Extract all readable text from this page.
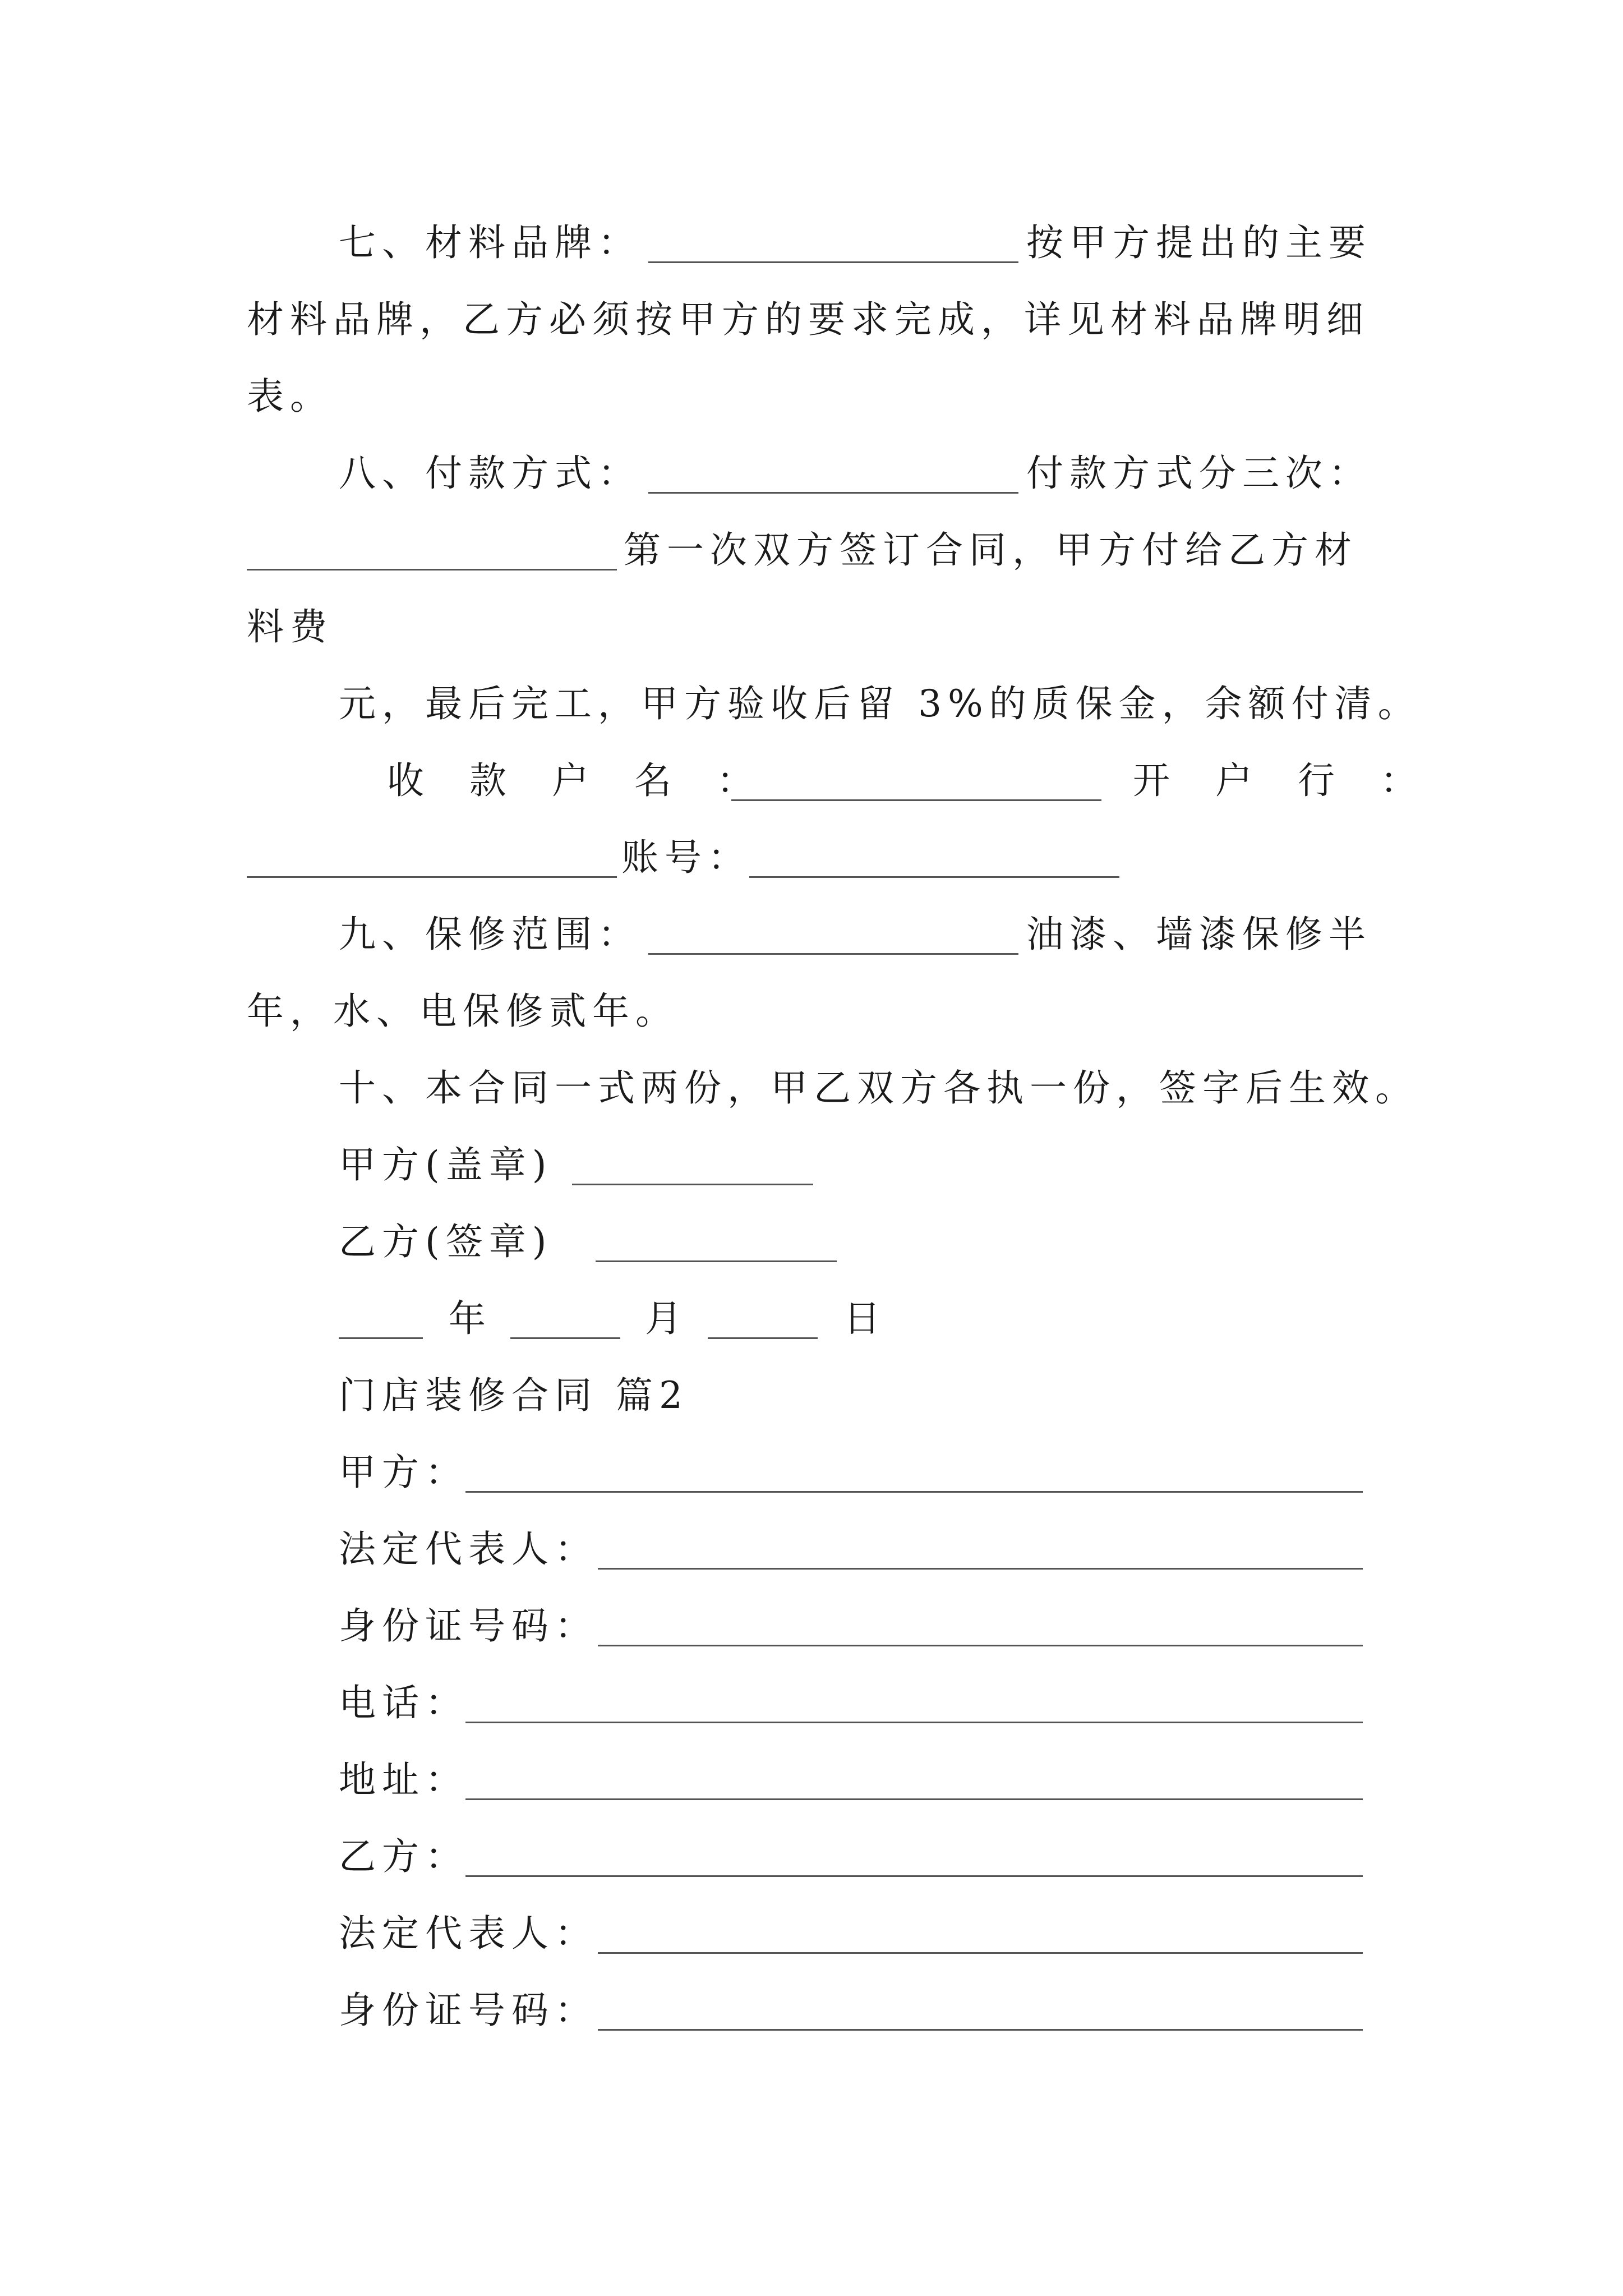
七、材料品牌：	按甲方提出的主要
材料品牌，乙方必须按甲方的要求完成，详见材料品牌明细
表。
八、付款方式：	付款方式分三次：
第一次双方签订合同，甲方付给乙方材
料费
元，最后完工，甲方验收后留 3%的质保金，余额付清。
收 款 户 名 ：	开 户 行 ：
账号：
九、保修范围：	油漆、墙漆保修半
年，水、电保修贰年。
十、本合同一式两份，甲乙双方各执一份，签字后生效。
甲方(盖章)
乙方(签章)
年	月	日
门店装修合同 篇2
甲方：
法定代表人：
身份证号码：
电话：
地址：
乙方：
法定代表人：
身份证号码：
